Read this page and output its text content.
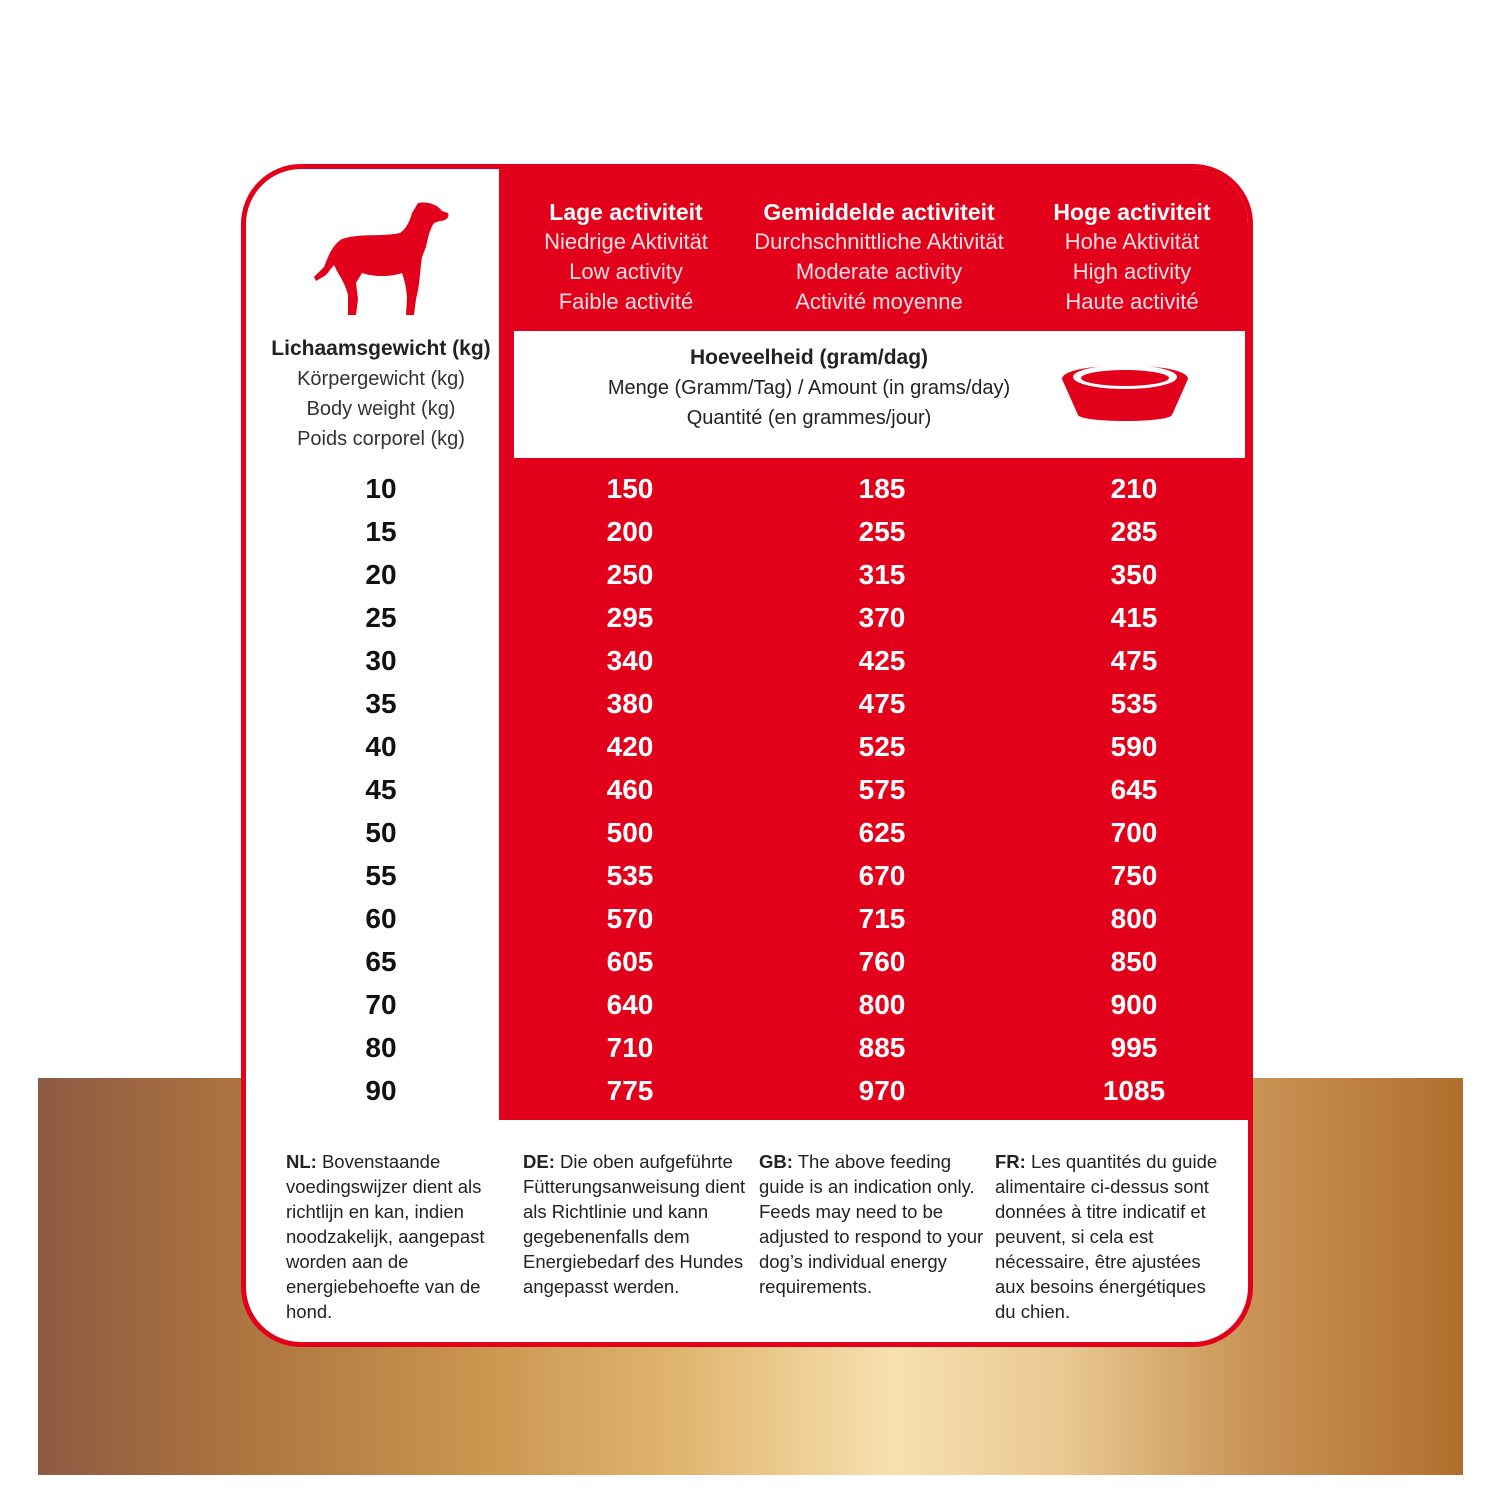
Lage activiteit
Niedrige Aktivität
Low activity
Faible activité
Gemiddelde activiteit
Durchschnittliche Aktivität
Moderate activity
Activité moyenne
Hoge activiteit
Hohe Aktivität
High activity
Haute activité
Lichaamsgewicht (kg)
Körpergewicht (kg)
Body weight (kg)
Poids corporel (kg)
Hoeveelheid (gram/dag)
Menge (Gramm/Tag) / Amount (in grams/day)
Quantité (en grammes/jour)
10	150	185	210
15	200	255	285
20	250	315	350
25	295	370	415
30	340	425	475
35	380	475	535
40	420	525	590
45	460	575	645
50	500	625	700
55	535	670	750
60	570	715	800
65	605	760	850
70	640	800	900
80	710	885	995
90	775	970	1085
NL: Bovenstaande voedingswijzer dient als richtlijn en kan, indien noodzakelijk, aangepast worden aan de energiebehoefte van de hond.
DE: Die oben aufgeführte Fütterungsanweisung dient als Richtlinie und kann gegebenenfalls dem Energiebedarf des Hundes angepasst werden.
GB: The above feeding guide is an indication only. Feeds may need to be adjusted to respond to your dog’s individual energy requirements.
FR: Les quantités du guide alimentaire ci-dessus sont données à titre indicatif et peuvent, si cela est nécessaire, être ajustées aux besoins énergétiques du chien.
